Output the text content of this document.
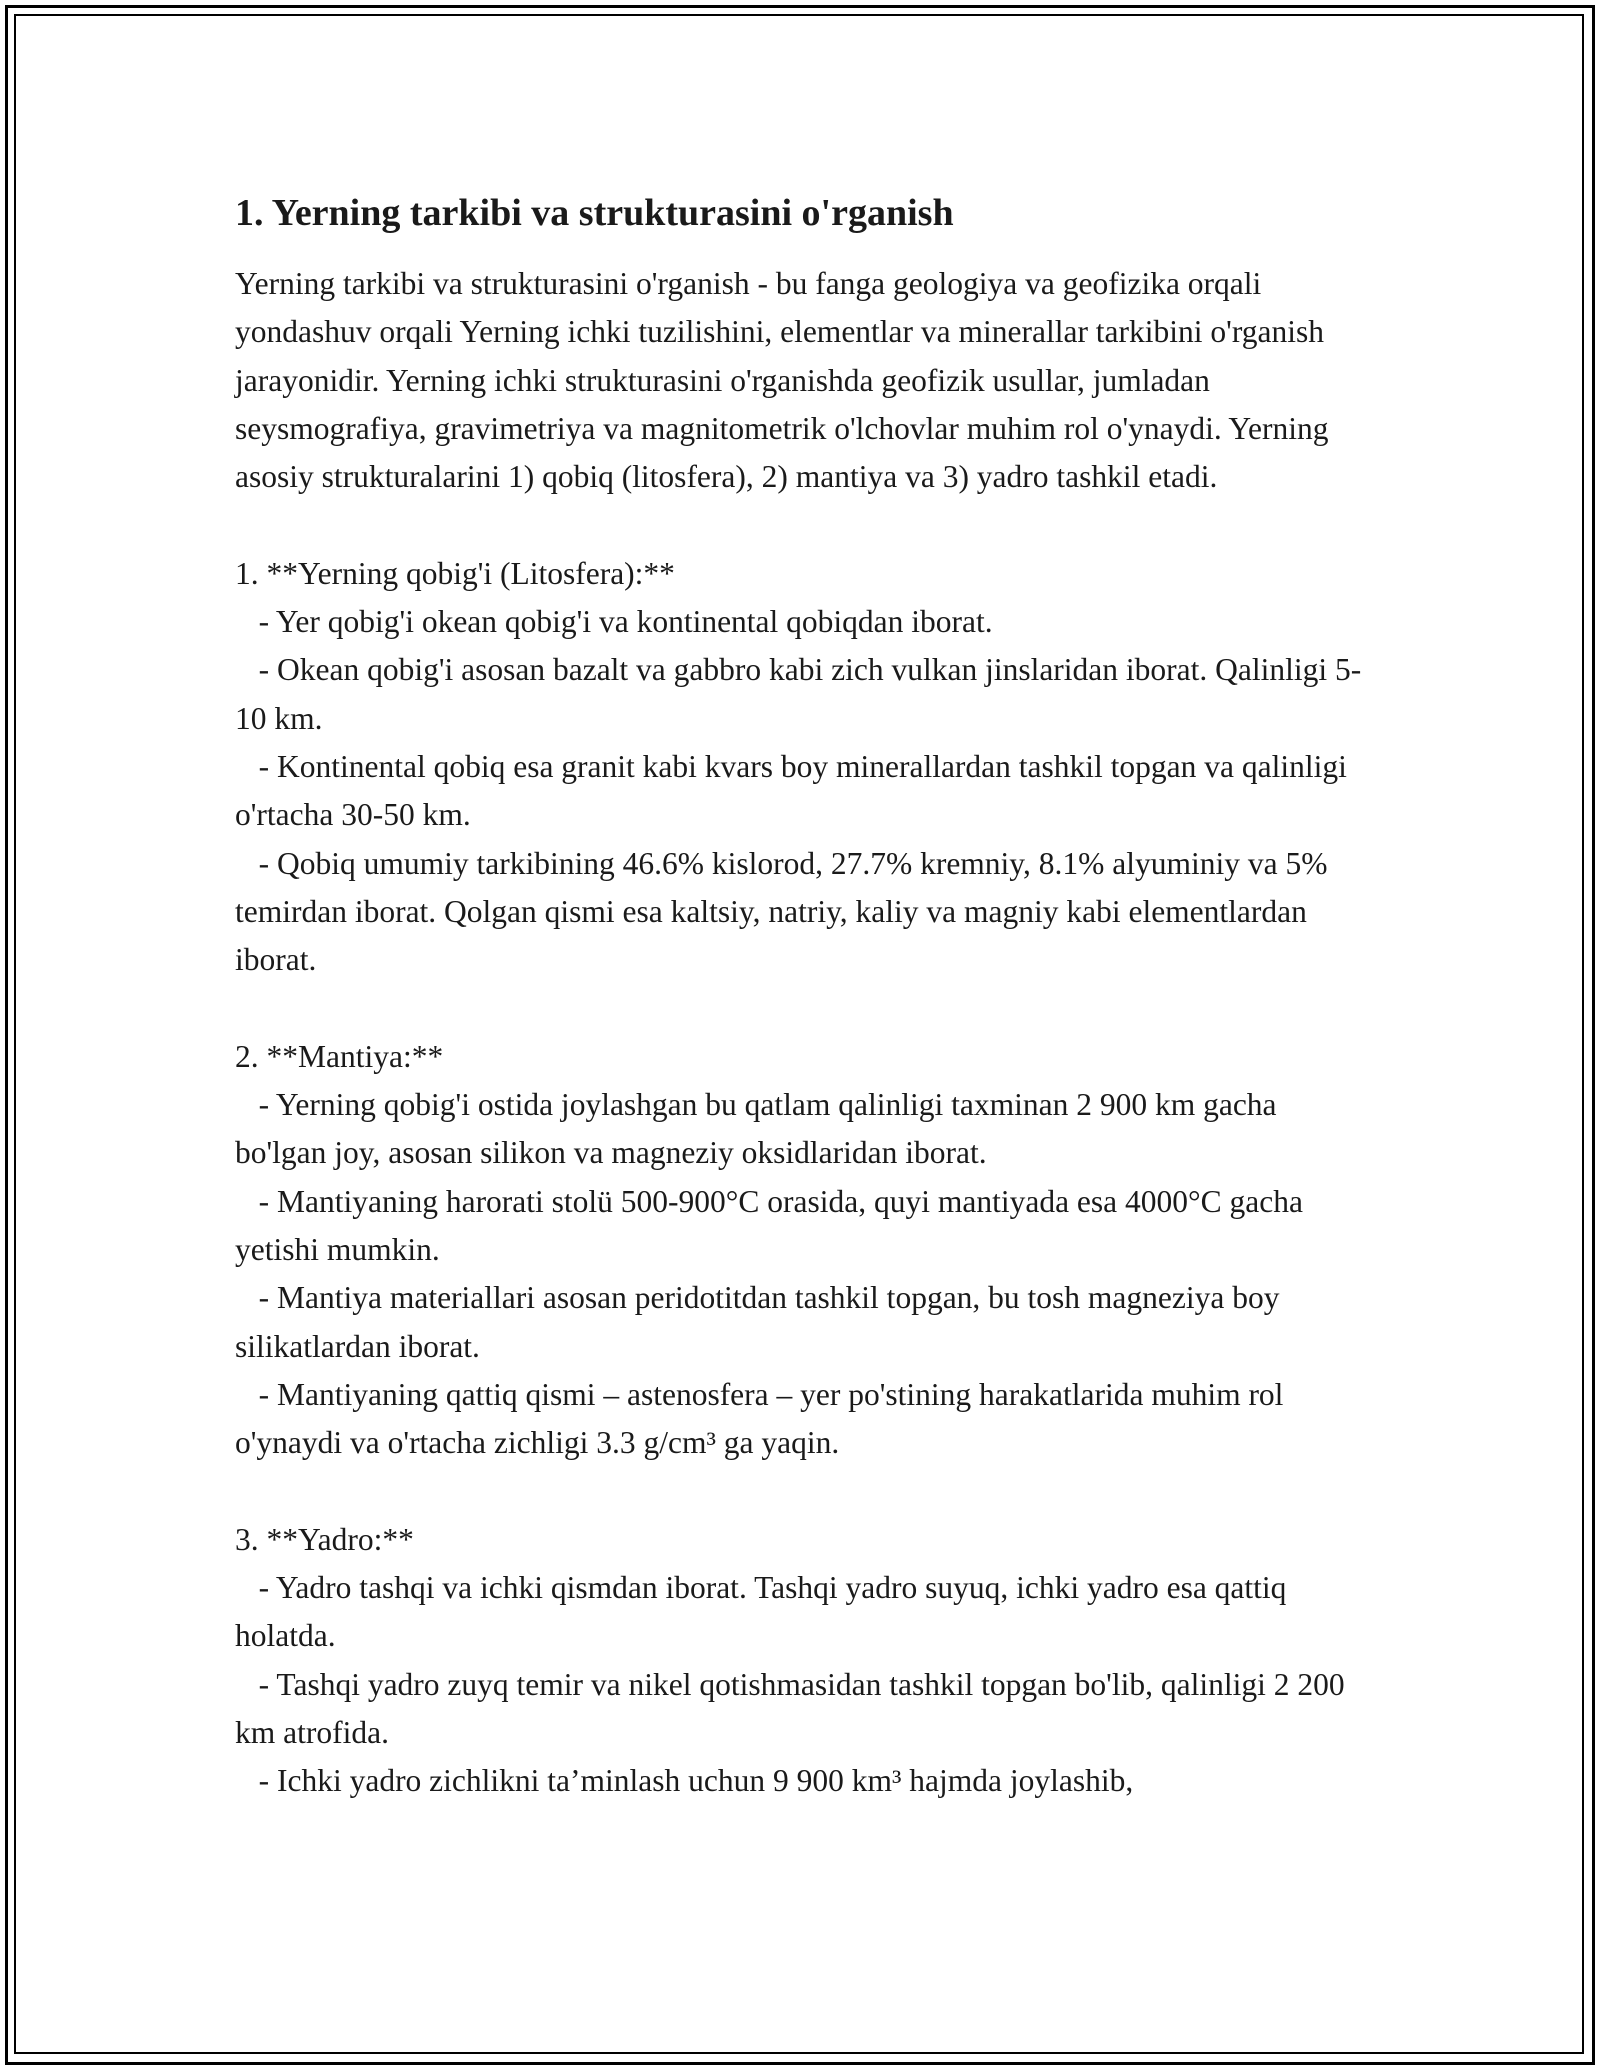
1. Yerning tarkibi va strukturasini o'rganish

Yerning tarkibi va strukturasini o'rganish - bu fanga geologiya va geofizika orqali yondashuv orqali Yerning ichki tuzilishini, elementlar va minerallar tarkibini o'rganish jarayonidir. Yerning ichki strukturasini o'rganishda geofizik usullar, jumladan seysmografiya, gravimetriya va magnitometrik o'lchovlar muhim rol o'ynaydi. Yerning asosiy strukturalarini 1) qobiq (litosfera), 2) mantiya va 3) yadro tashkil etadi.

1. **Yerning qobig'i (Litosfera):**
- Yer qobig'i okean qobig'i va kontinental qobiqdan iborat.
- Okean qobig'i asosan bazalt va gabbro kabi zich vulkan jinslaridan iborat. Qalinligi 5-10 km.
- Kontinental qobiq esa granit kabi kvars boy minerallardan tashkil topgan va qalinligi o'rtacha 30-50 km.
- Qobiq umumiy tarkibining 46.6% kislorod, 27.7% kremniy, 8.1% alyuminiy va 5% temirdan iborat. Qolgan qismi esa kaltsiy, natriy, kaliy va magniy kabi elementlardan iborat.

2. **Mantiya:**
- Yerning qobig'i ostida joylashgan bu qatlam qalinligi taxminan 2 900 km gacha bo'lgan joy, asosan silikon va magneziy oksidlaridan iborat.
- Mantiyaning harorati stolü 500-900°C orasida, quyi mantiyada esa 4000°C gacha yetishi mumkin.
- Mantiya materiallari asosan peridotitdan tashkil topgan, bu tosh magneziya boy silikatlardan iborat.
- Mantiyaning qattiq qismi – astenosfera – yer po'stining harakatlarida muhim rol o'ynaydi va o'rtacha zichligi 3.3 g/cm³ ga yaqin.

3. **Yadro:**
- Yadro tashqi va ichki qismdan iborat. Tashqi yadro suyuq, ichki yadro esa qattiq holatda.
- Tashqi yadro zuyq temir va nikel qotishmasidan tashkil topgan bo'lib, qalinligi 2 200 km atrofida.
- Ichki yadro zichlikni ta’minlash uchun 9 900 km³ hajmda joylashib,
